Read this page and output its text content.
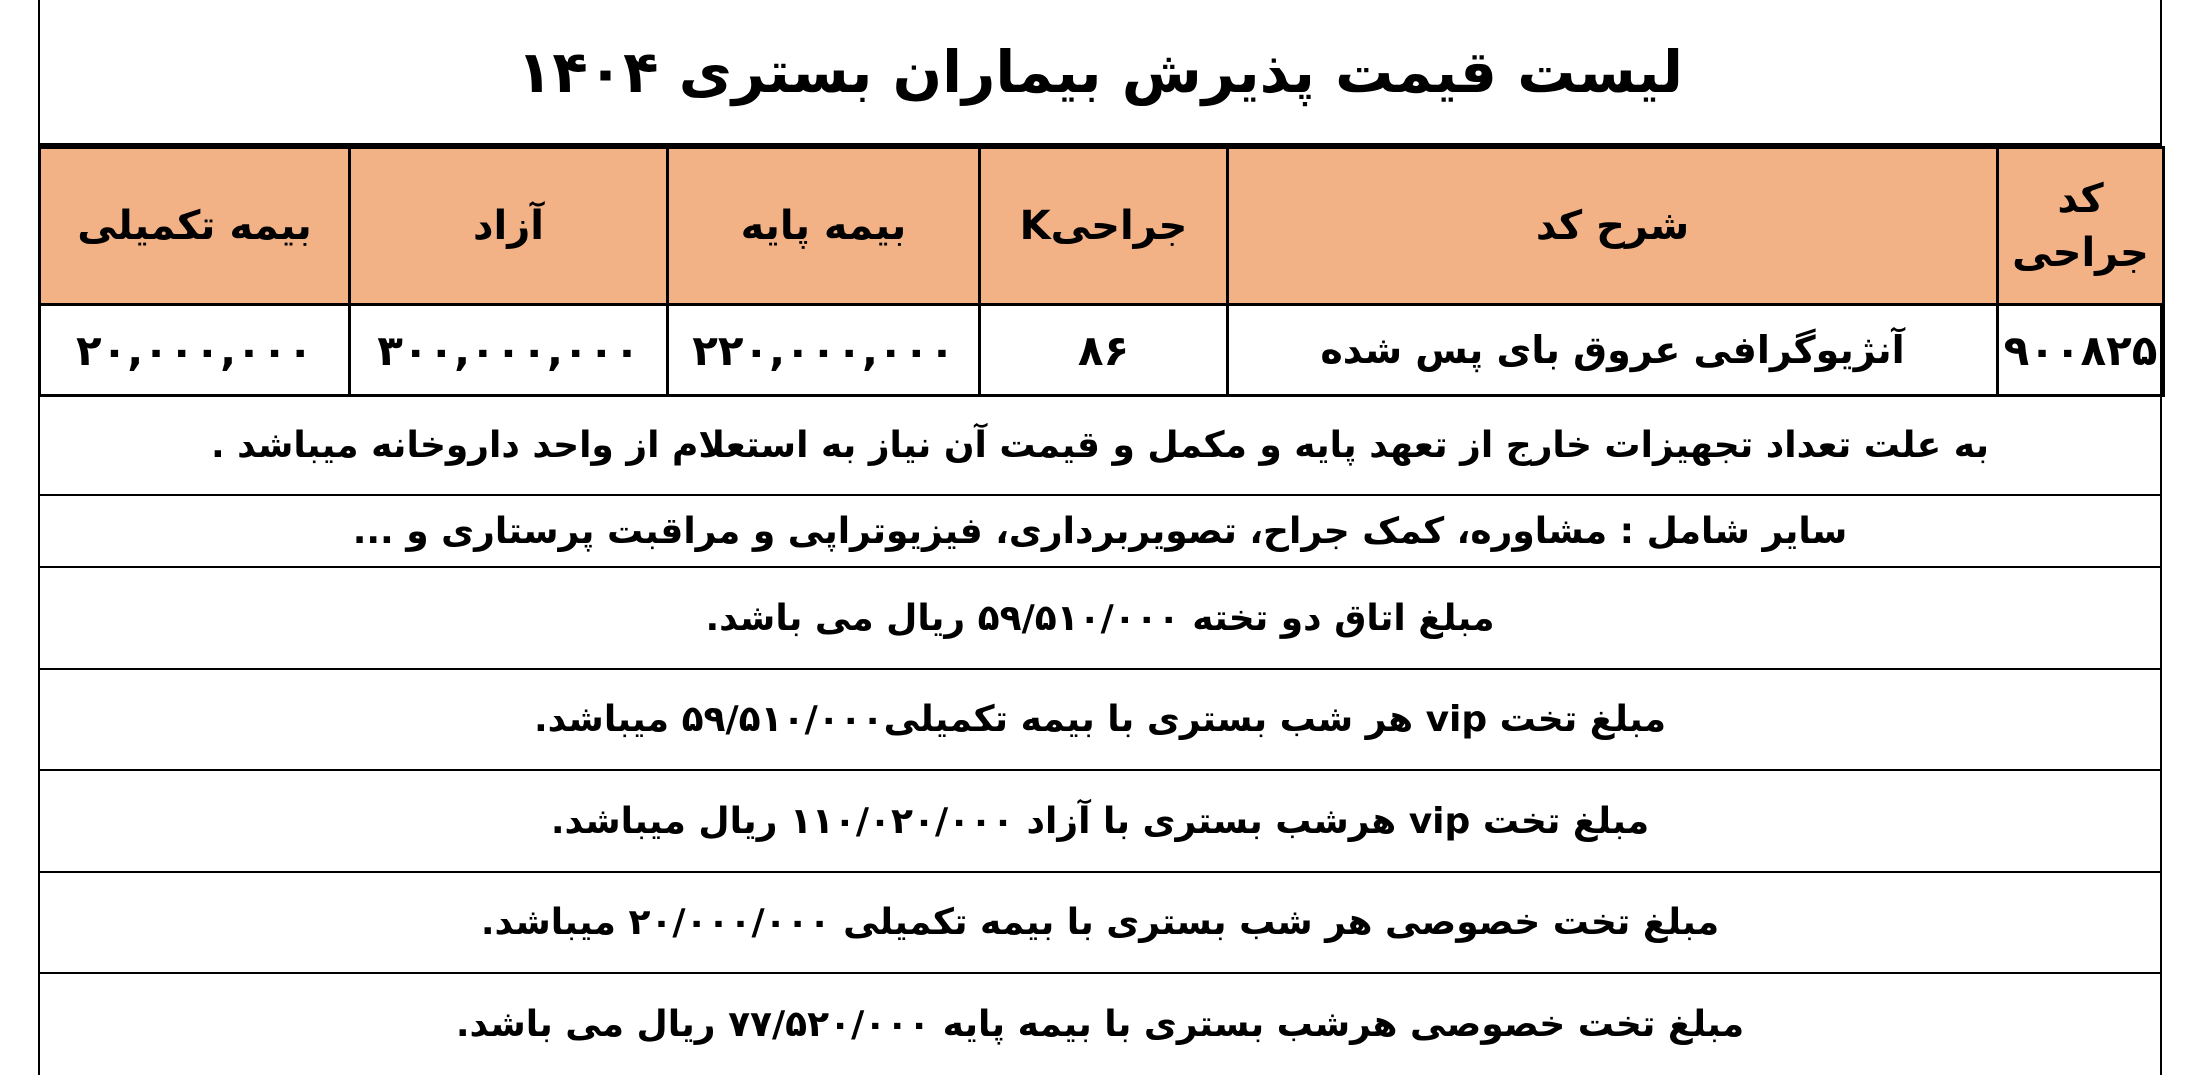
لیست قیمت پذیرش بیماران بستری ۱۴۰۴
کد جراحی	شرح کد	جراحیK	بیمه پایه	آزاد	بیمه تکمیلی
۹۰۰۸۲۵	آنژیوگرافی عروق بای پس شده	۸۶	۲۲۰,۰۰۰,۰۰۰	۳۰۰,۰۰۰,۰۰۰	۲۰,۰۰۰,۰۰۰
به علت تعداد تجهیزات خارج از تعهد پایه و مکمل و قیمت آن نیاز به استعلام از واحد داروخانه میباشد .
سایر شامل : مشاوره، کمک جراح، تصویربرداری، فیزیوتراپی و مراقبت پرستاری و ...
مبلغ اتاق دو تخته ۵۹/۵۱۰/۰۰۰ ریال می باشد.
مبلغ تخت vip هر شب بستری با بیمه تکمیلی۵۹/۵۱۰/۰۰۰ میباشد.
مبلغ تخت vip هرشب بستری با آزاد ۱۱۰/۰۲۰/۰۰۰ ریال میباشد.
مبلغ تخت خصوصی هر شب بستری با بیمه تکمیلی ۲۰/۰۰۰/۰۰۰ میباشد.
مبلغ تخت خصوصی هرشب بستری با بیمه پایه ۷۷/۵۲۰/۰۰۰ ریال می باشد.
